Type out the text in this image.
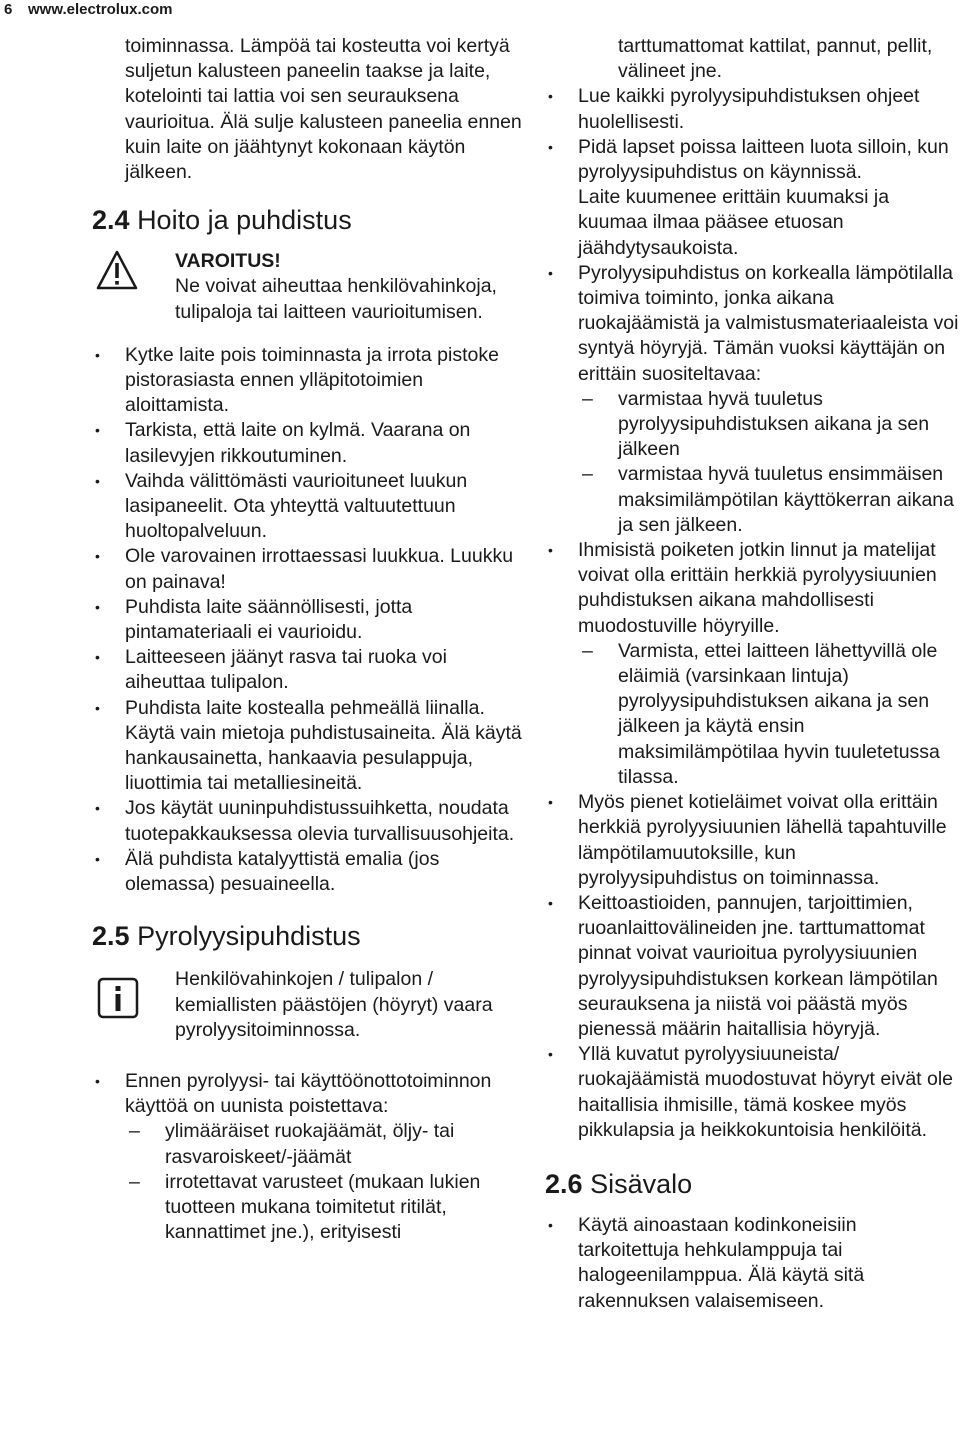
6 www.electrolux.com

toiminnassa. Lämpöä tai kosteutta voi kertyä suljetun kalusteen paneelin taakse ja laite, kotelointi tai lattia voi sen seurauksena vaurioitua. Älä sulje kalusteen paneelia ennen kuin laite on jäähtynyt kokonaan käytön jälkeen.

2.4 Hoito ja puhdistus
VAROITUS!
Ne voivat aiheuttaa henkilövahinkoja, tulipaloja tai laitteen vaurioitumisen.
• Kytke laite pois toiminnasta ja irrota pistoke pistorasiasta ennen ylläpitotoimien aloittamista.
• Tarkista, että laite on kylmä. Vaarana on lasilevyjen rikkoutuminen.
• Vaihda välittömästi vaurioituneet luukun lasipaneelit. Ota yhteyttä valtuutettuun huoltopalveluun.
• Ole varovainen irrottaessasi luukkua. Luukku on painava!
• Puhdista laite säännöllisesti, jotta pintamateriaali ei vaurioidu.
• Laitteeseen jäänyt rasva tai ruoka voi aiheuttaa tulipalon.
• Puhdista laite kostealla pehmeällä liinalla. Käytä vain mietoja puhdistusaineita. Älä käytä hankausainetta, hankaavia pesulappuja, liuottimia tai metalliesineitä.
• Jos käytät uuninpuhdistussuihketta, noudata tuotepakkauksessa olevia turvallisuusohjeita.
• Älä puhdista katalyyttistä emalia (jos olemassa) pesuaineella.
2.5 Pyrolyysipuhdistus
Henkilövahinkojen / tulipalon / kemiallisten päästöjen (höyryt) vaara pyrolyysitoiminnossa.
• Ennen pyrolyysi- tai käyttöönottotoiminnon käyttöä on uunista poistettava:
– ylimääräiset ruokajäämät, öljy- tai rasvaroiskeet/-jäämät
– irrotettavat varusteet (mukaan lukien tuotteen mukana toimitetut ritilät, kannattimet jne.), erityisesti
tarttumattomat kattilat, pannut, pellit, välineet jne.
• Lue kaikki pyrolyysipuhdistuksen ohjeet huolellisesti.
• Pidä lapset poissa laitteen luota silloin, kun pyrolyysipuhdistus on käynnissä.
Laite kuumenee erittäin kuumaksi ja kuumaa ilmaa pääsee etuosan jäähdytysaukoista.
• Pyrolyysipuhdistus on korkealla lämpötilalla toimiva toiminto, jonka aikana ruokajäämistä ja valmistusmateriaaleista voi syntyä höyryjä. Tämän vuoksi käyttäjän on erittäin suositeltavaa:
– varmistaa hyvä tuuletus pyrolyysipuhdistuksen aikana ja sen jälkeen
– varmistaa hyvä tuuletus ensimmäisen maksimilämpötilan käyttökerran aikana ja sen jälkeen.
• Ihmisistä poiketen jotkin linnut ja matelijat voivat olla erittäin herkkiä pyrolyysiuunien puhdistuksen aikana mahdollisesti muodostuville höyryille.
– Varmista, ettei laitteen lähettyvillä ole eläimiä (varsinkaan lintuja) pyrolyysipuhdistuksen aikana ja sen jälkeen ja käytä ensin maksimilämpötilaa hyvin tuuletetussa tilassa.
• Myös pienet kotieläimet voivat olla erittäin herkkiä pyrolyysiuunien lähellä tapahtuville lämpötilamuutoksille, kun pyrolyysipuhdistus on toiminnassa.
• Keittoastioiden, pannujen, tarjoittimien, ruoanlaittovälineiden jne. tarttumattomat pinnat voivat vaurioitua pyrolyysiuunien pyrolyysipuhdistuksen korkean lämpötilan seurauksena ja niistä voi päästä myös pienessä määrin haitallisia höyryjä.
• Yllä kuvatut pyrolyysiuuneista/ ruokajäämistä muodostuvat höyryt eivät ole haitallisia ihmisille, tämä koskee myös pikkulapsia ja heikkokuntoisia henkilöitä.
2.6 Sisävalo
• Käytä ainoastaan kodinkoneisiin tarkoitettuja hehkulamppuja tai halogeenilamppua. Älä käytä sitä rakennuksen valaisemiseen.
